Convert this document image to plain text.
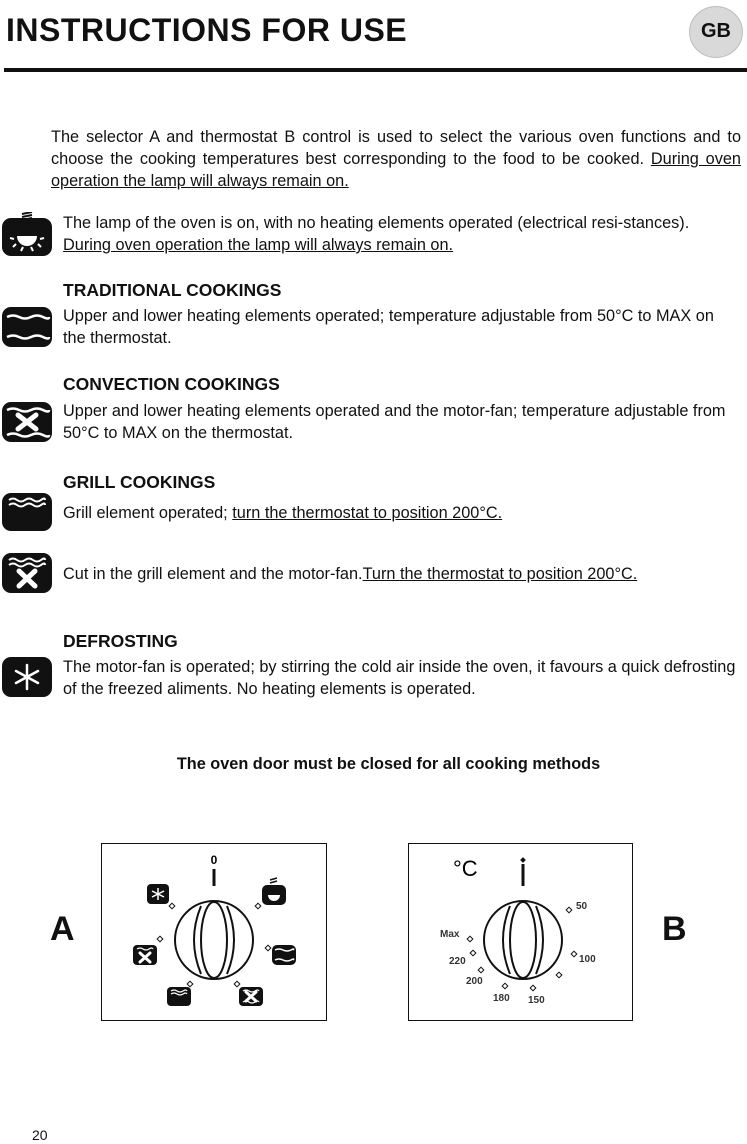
INSTRUCTIONS FOR USE	GB
The selector A and thermostat B control is used to select the various oven functions and to choose the cooking temperatures best corresponding to the food to be cooked. During oven operation the lamp will always remain on.
The lamp of the oven is on, with no heating elements operated (electrical resi-stances). During oven operation the lamp will always remain on.
TRADITIONAL COOKINGS
Upper and lower heating elements operated; temperature adjustable from 50°C to MAX on the thermostat.
CONVECTION COOKINGS
Upper and lower heating elements operated and the motor-fan; temperature adjustable from 50°C to MAX on the thermostat.
GRILL COOKINGS
Grill element operated; turn the thermostat to position 200°C.
Cut in the grill element and the motor-fan.Turn the thermostat to position 200°C.
DEFROSTING
The motor-fan is operated; by stirring the cold air inside the oven, it favours a quick defrosting of the freezed aliments. No heating elements is operated.
The oven door must be closed for all cooking methods
A
0	°C
50
100
150
180
200
220
Max	B
20
